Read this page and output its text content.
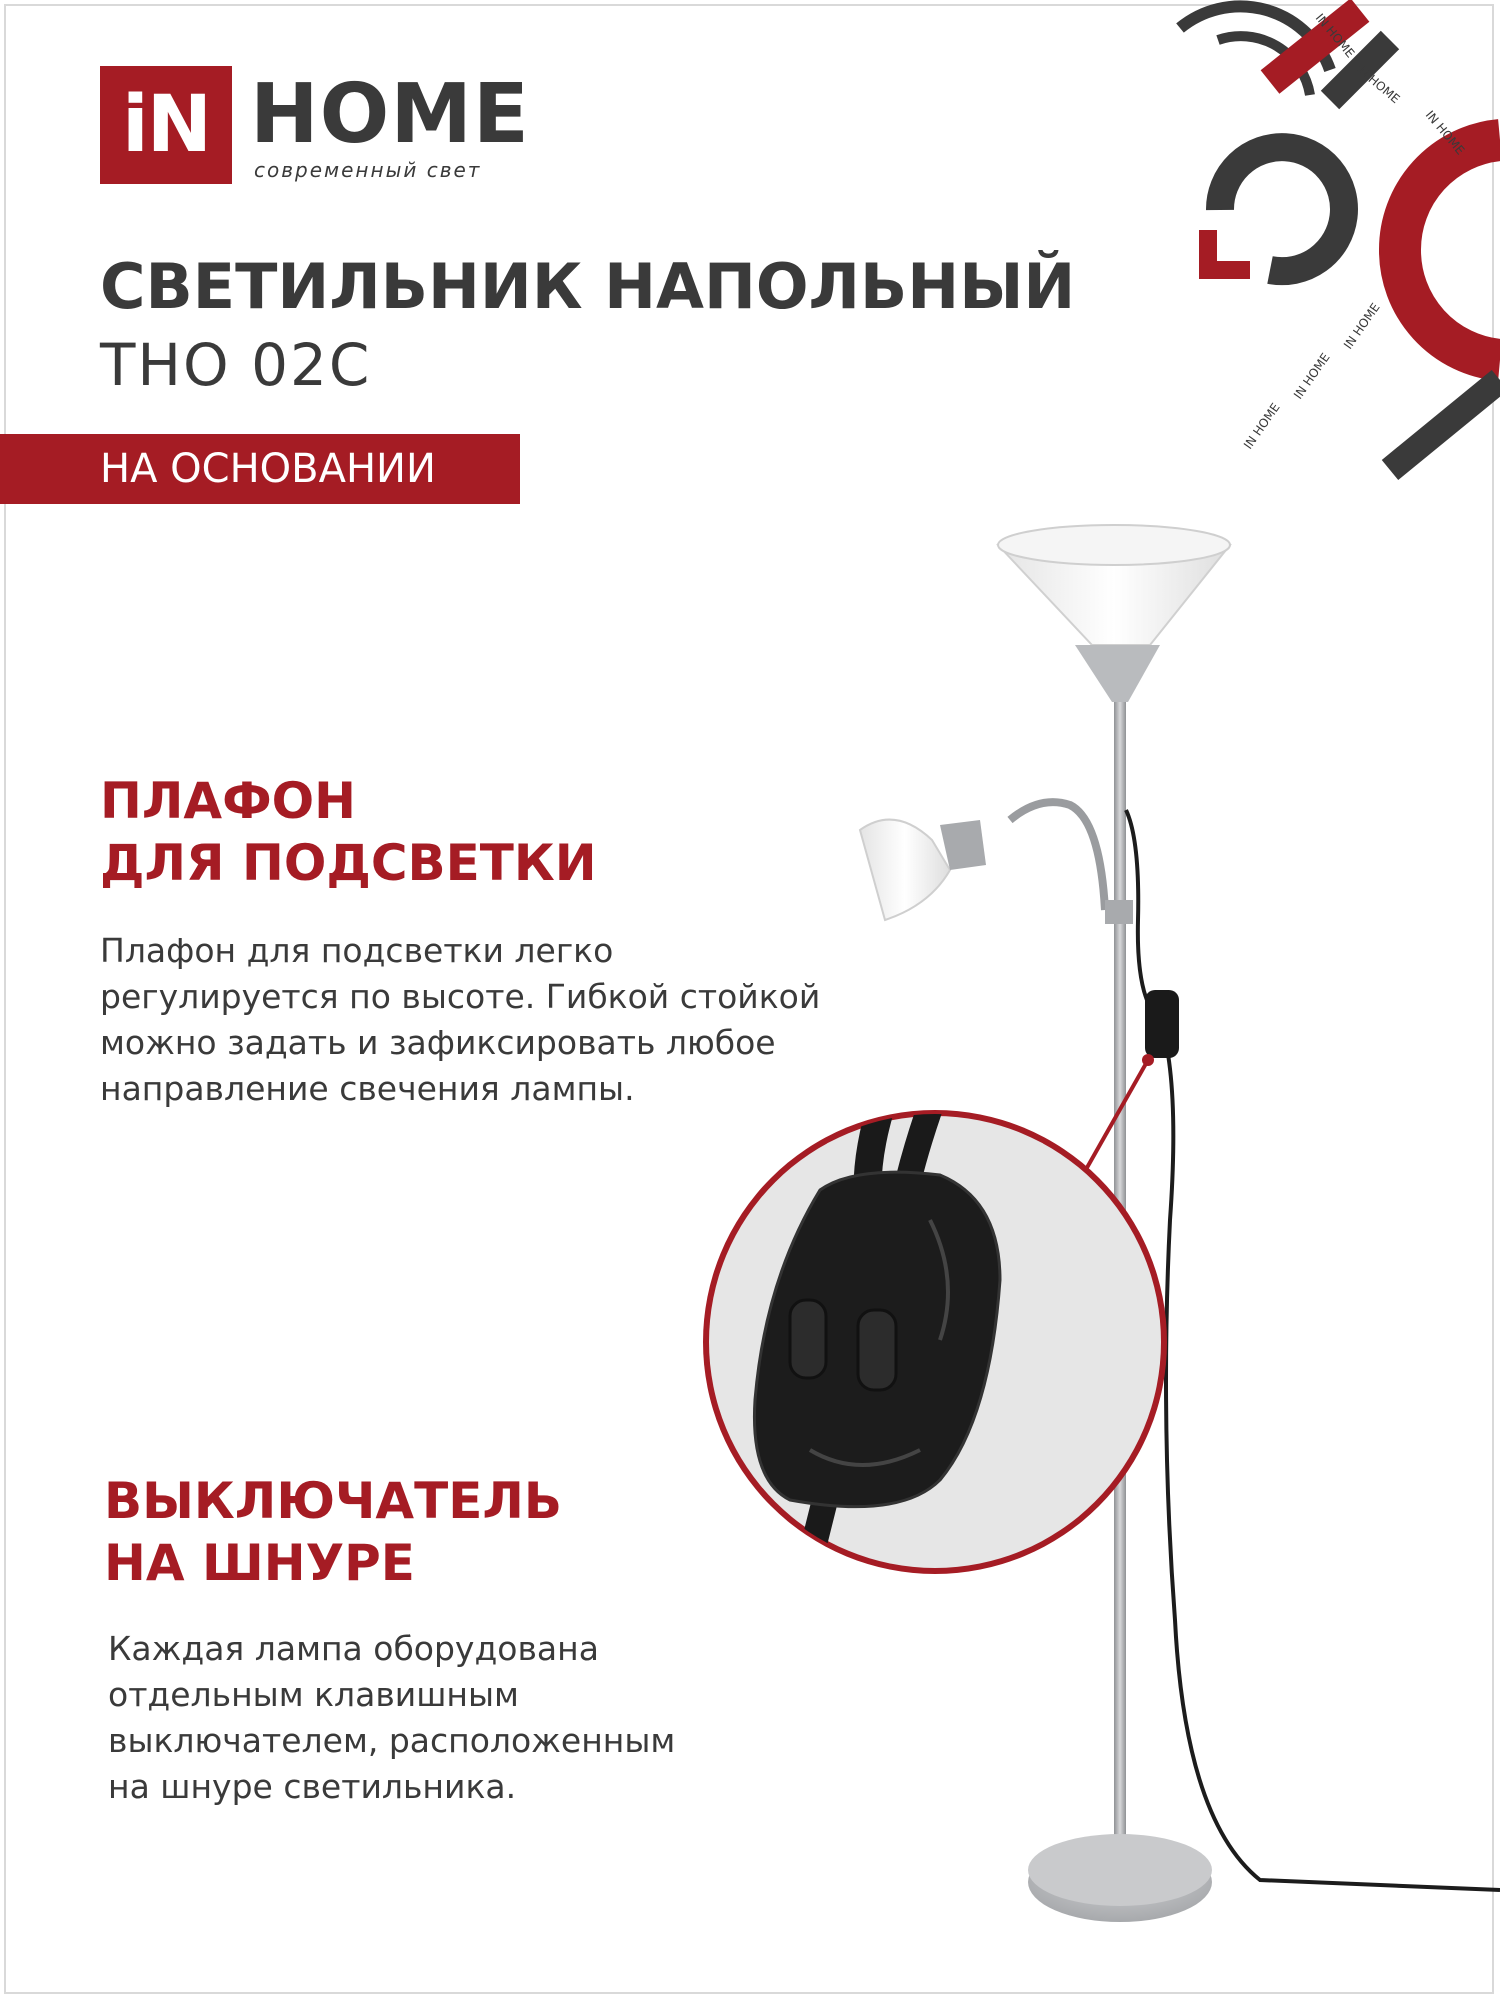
iN HOME
современный свет
IN HOME
IN HOME
IN HOME
IN HOME
IN HOME
IN HOME
СВЕТИЛЬНИК НАПОЛЬНЫЙ
ТНО 02С
НА ОСНОВАНИИ
ПЛАФОН
ДЛЯ ПОДСВЕТКИ

Плафон для подсветки легко
регулируется по высоте. Гибкой стойкой
можно задать и зафиксировать любое
направление свечения лампы.

ВЫКЛЮЧАТЕЛЬ
НА ШНУРЕ

Каждая лампа оборудована
отдельным клавишным
выключателем, расположенным
на шнуре светильника.
